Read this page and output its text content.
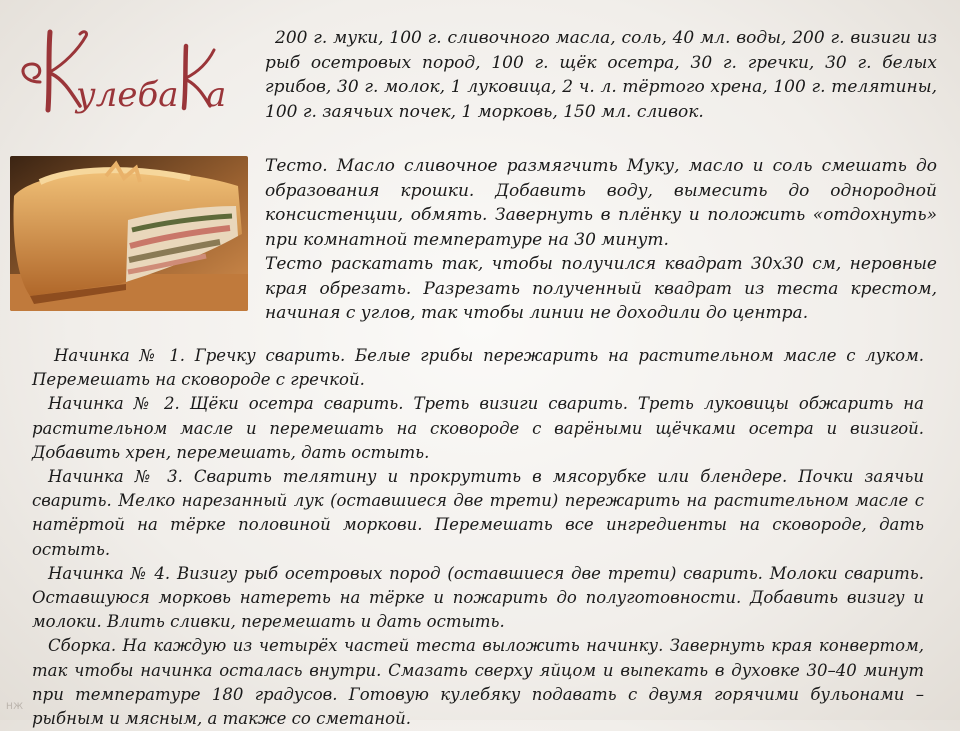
улеба а

200 г. муки, 100 г. сливочного масла, соль, 40 мл. воды, 200 г. визиги из рыб осетровых пород, 100 г. щёк осетра, 30 г. гречки, 30 г. белых грибов, 30 г. молок, 1 луковица, 2 ч. л. тёртого хрена, 100 г. телятины, 100 г. заячьих почек, 1 морковь, 150 мл. сливок.

Тесто. Масло сливочное размягчить Муку, масло и соль смешать до образования крошки. Добавить воду, вымесить до однородной консистенции, обмять. Завернуть в плёнку и положить «отдохнуть» при комнатной температуре на 30 минут.

Тесто раскатать так, чтобы получился квадрат 30х30 см, неровные края обрезать. Разрезать полученный квадрат из теста крестом, начиная с углов, так чтобы линии не доходили до центра.

Начинка № 1. Гречку сварить. Белые грибы пережарить на растительном масле с луком. Перемешать на сковороде с гречкой.

Начинка № 2. Щёки осетра сварить. Треть визиги сварить. Треть луковицы обжарить на растительном масле и перемешать на сковороде с варёными щёчками осетра и визигой. Добавить хрен, перемешать, дать остыть.

Начинка № 3. Сварить телятину и прокрутить в мясорубке или блендере. Почки заячьи сварить. Мелко нарезанный лук (оставшиеся две трети) пережарить на растительном масле с натёртой на тёрке половиной моркови. Перемешать все ингредиенты на сковороде, дать остыть.

Начинка № 4. Визигу рыб осетровых пород (оставшиеся две трети) сварить. Молоки сварить. Оставшуюся морковь натереть на тёрке и пожарить до полуготовности. Добавить визигу и молоки. Влить сливки, перемешать и дать остыть.

Сборка. На каждую из четырёх частей теста выложить начинку. Завернуть края конвертом, так чтобы начинка осталась внутри. Смазать сверху яйцом и выпекать в духовке 30–40 минут при температуре 180 градусов. Готовую кулебяку подавать с двумя горячими бульонами – рыбным и мясным, а также со сметаной.

НЖ
